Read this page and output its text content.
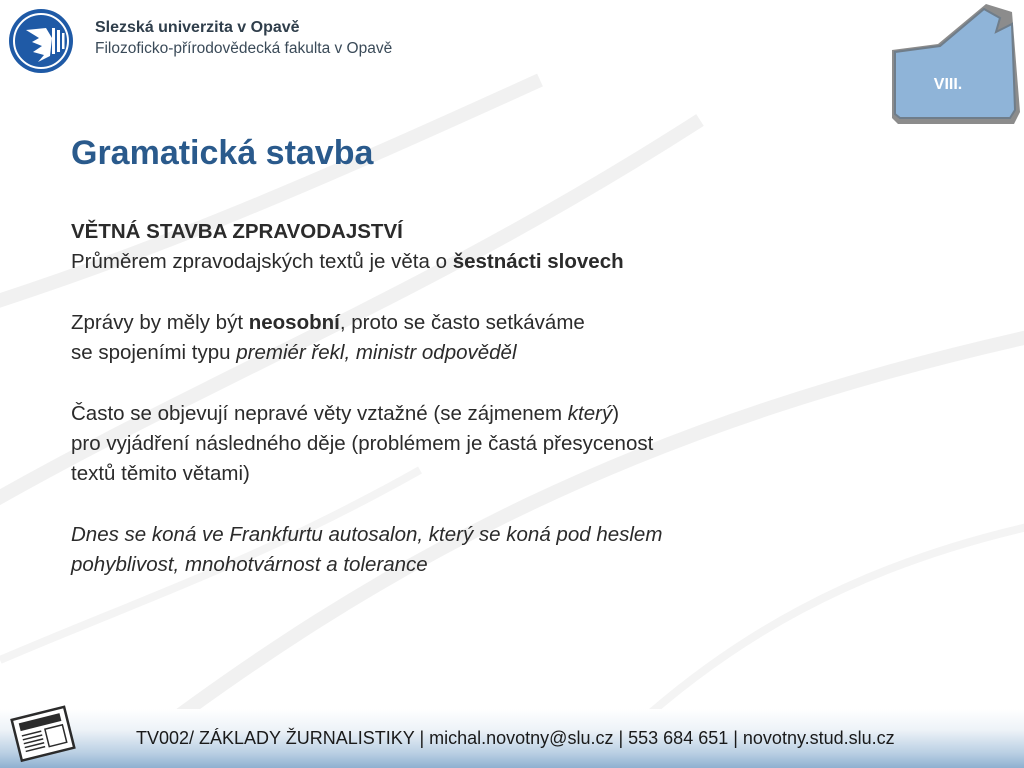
Slezská univerzita v Opavě
Filozoficko-přírodovědecká fakulta v Opavě
VIII.
Gramatická stavba

VĚTNÁ STAVBA ZPRAVODAJSTVÍ

Průměrem zpravodajských textů je věta o šestnácti slovech

Zprávy by měly být neosobní, proto se často setkáváme

se spojeními typu premiér řekl, ministr odpověděl

Často se objevují nepravé věty vztažné (se zájmenem který)

pro vyjádření následného děje (problémem je častá přesycenost

textů těmito větami)

Dnes se koná ve Frankfurtu autosalon, který se koná pod heslem

pohyblivost, mnohotvárnost a tolerance

TV002/ ZÁKLADY ŽURNALISTIKY | michal.novotny@slu.cz | 553 684 651 | novotny.stud.slu.cz
